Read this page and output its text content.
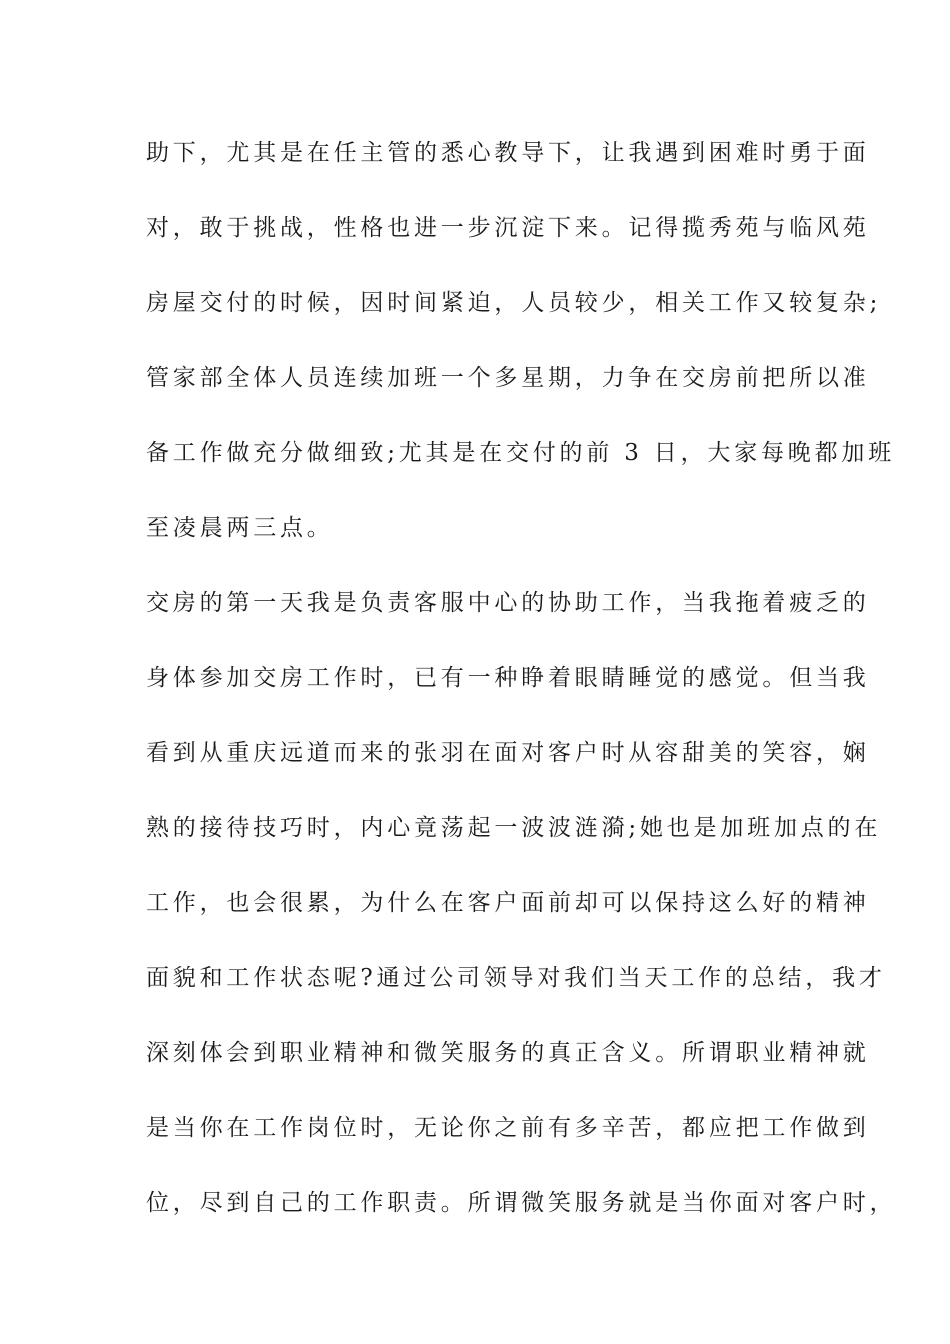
助下，尤其是在任主管的悉心教导下，让我遇到困难时勇于面
对，敢于挑战，性格也进一步沉淀下来。记得揽秀苑与临风苑
房屋交付的时候，因时间紧迫，人员较少，相关工作又较复杂;
管家部全体人员连续加班一个多星期，力争在交房前把所以准
备工作做充分做细致;尤其是在交付的前 3 日，大家每晚都加班
至凌晨两三点。
交房的第一天我是负责客服中心的协助工作，当我拖着疲乏的
身体参加交房工作时，已有一种睁着眼睛睡觉的感觉。但当我
看到从重庆远道而来的张羽在面对客户时从容甜美的笑容，娴
熟的接待技巧时，内心竟荡起一波波涟漪;她也是加班加点的在
工作，也会很累，为什么在客户面前却可以保持这么好的精神
面貌和工作状态呢?通过公司领导对我们当天工作的总结，我才
深刻体会到职业精神和微笑服务的真正含义。所谓职业精神就
是当你在工作岗位时，无论你之前有多辛苦，都应把工作做到
位，尽到自己的工作职责。所谓微笑服务就是当你面对客户时，
